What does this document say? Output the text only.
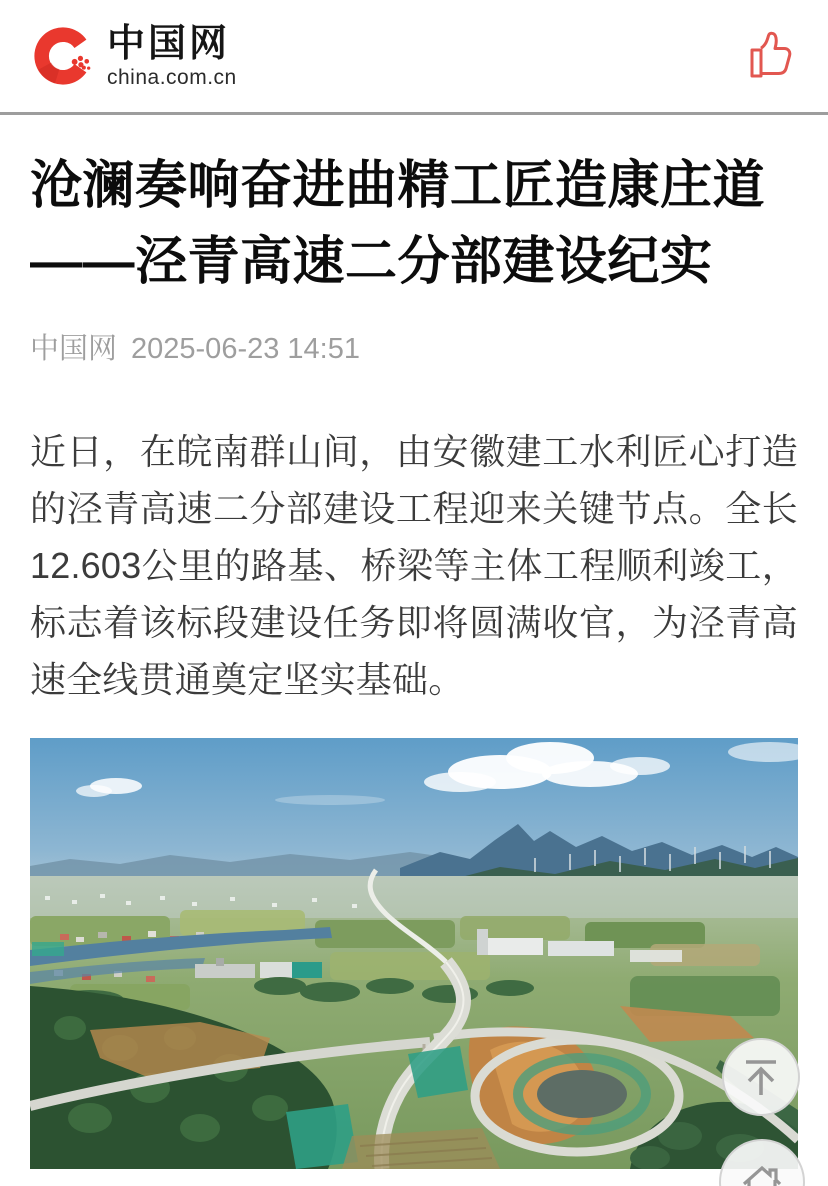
中国网
china.com.cn
沧澜奏响奋进曲精工匠造康庄道——泾青高速二分部建设纪实
中国网 2025-06-23 14:51

近日，在皖南群山间，由安徽建工水利匠心打造的泾青高速二分部建设工程迎来关键节点。全长12.603公里的路基、桥梁等主体工程顺利竣工，标志着该标段建设任务即将圆满收官，为泾青高速全线贯通奠定坚实基础。
